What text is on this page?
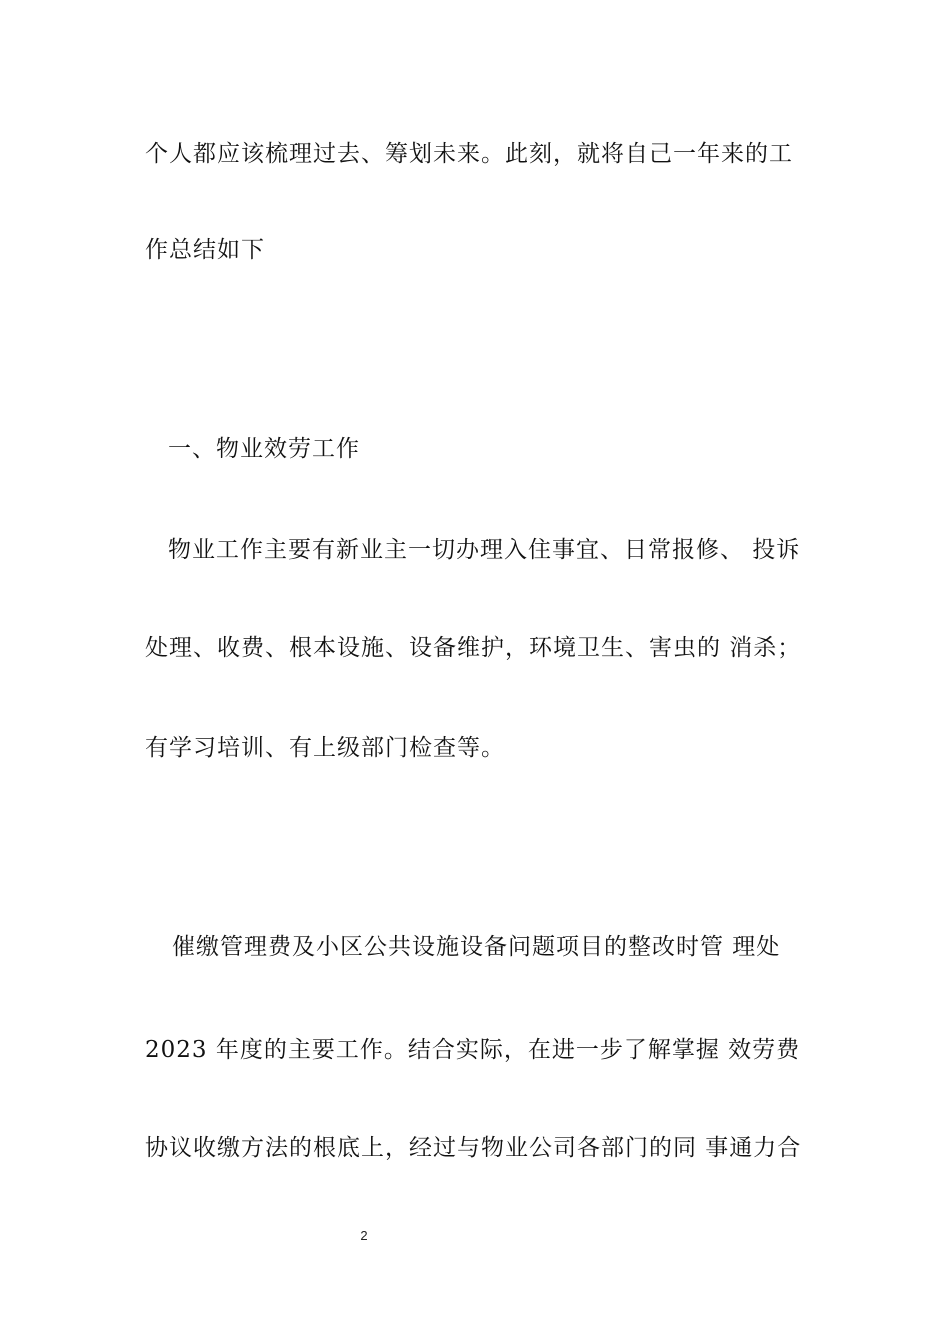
个人都应该梳理过去、筹划未来。此刻，就将自己一年来的工
作总结如下
一、物业效劳工作
物业工作主要有新业主一切办理入住事宜、日常报修、 投诉
处理、收费、根本设施、设备维护，环境卫生、害虫的 消杀；
有学习培训、有上级部门检查等。
催缴管理费及小区公共设施设备问题项目的整改时管 理处
2023 年度的主要工作。结合实际，在进一步了解掌握 效劳费
协议收缴方法的根底上，经过与物业公司各部门的同 事通力合
2
